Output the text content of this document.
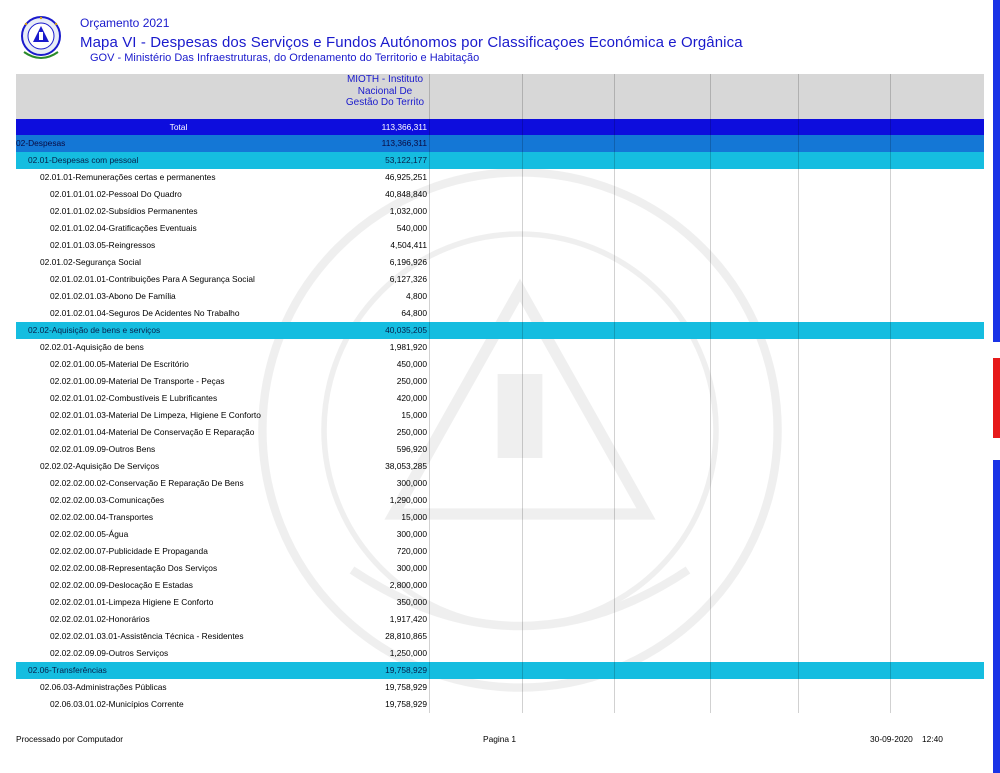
Orçamento 2021
Mapa VI - Despesas dos Serviços e Fundos Autónomos por Classificaçoes Económica e Orgânica
GOV - Ministério Das Infraestruturas, do Ordenamento do Territorio e Habitação
MIOTH - Instituto Nacional De Gestão Do Territo
Total	113,366,311
02-Despesas	113,366,311
02.01-Despesas com pessoal	53,122,177
02.01.01-Remunerações certas e permanentes	46,925,251
02.01.01.01.02-Pessoal Do Quadro	40,848,840
02.01.01.02.02-Subsídios Permanentes	1,032,000
02.01.01.02.04-Gratificações Eventuais	540,000
02.01.01.03.05-Reingressos	4,504,411
02.01.02-Segurança Social	6,196,926
02.01.02.01.01-Contribuições Para A Segurança Social	6,127,326
02.01.02.01.03-Abono De Família	4,800
02.01.02.01.04-Seguros De Acidentes No Trabalho	64,800
02.02-Aquisição de bens e serviços	40,035,205
02.02.01-Aquisição de bens	1,981,920
02.02.01.00.05-Material De Escritório	450,000
02.02.01.00.09-Material De Transporte - Peças	250,000
02.02.01.01.02-Combustíveis E Lubrificantes	420,000
02.02.01.01.03-Material De Limpeza, Higiene E Conforto	15,000
02.02.01.01.04-Material De Conservação E Reparação	250,000
02.02.01.09.09-Outros Bens	596,920
02.02.02-Aquisição De Serviços	38,053,285
02.02.02.00.02-Conservação E Reparação De Bens	300,000
02.02.02.00.03-Comunicações	1,290,000
02.02.02.00.04-Transportes	15,000
02.02.02.00.05-Água	300,000
02.02.02.00.07-Publicidade E Propaganda	720,000
02.02.02.00.08-Representação Dos Serviços	300,000
02.02.02.00.09-Deslocação E Estadas	2,800,000
02.02.02.01.01-Limpeza Higiene E Conforto	350,000
02.02.02.01.02-Honorários	1,917,420
02.02.02.01.03.01-Assistência Técnica - Residentes	28,810,865
02.02.02.09.09-Outros Serviços	1,250,000
02.06-Transferências	19,758,929
02.06.03-Administrações Públicas	19,758,929
02.06.03.01.02-Municípios Corrente	19,758,929
Processado por Computador	Pagina 1	30-09-2020 12:40
